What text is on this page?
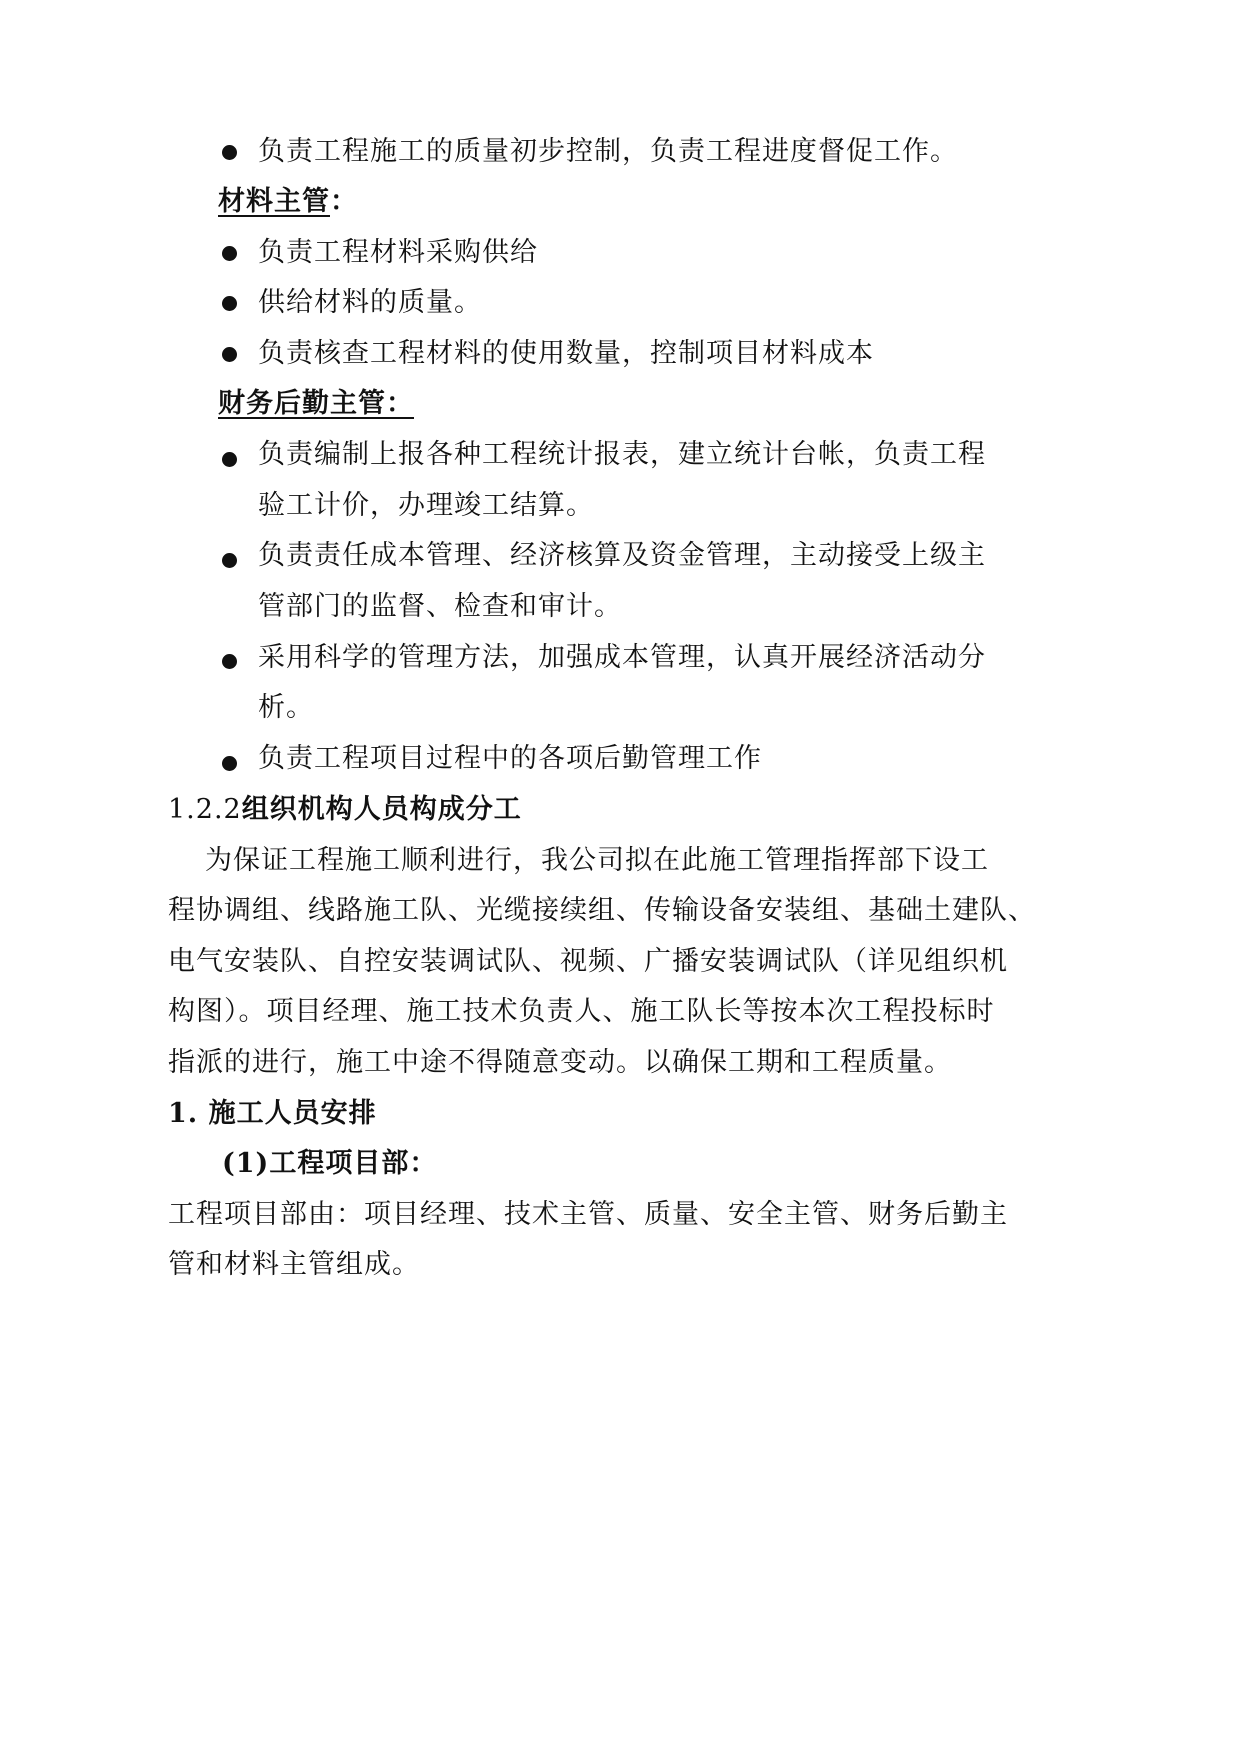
负责工程施工的质量初步控制，负责工程进度督促工作。
材料主管：
负责工程材料采购供给
供给材料的质量。
负责核查工程材料的使用数量，控制项目材料成本
财务后勤主管：
负责编制上报各种工程统计报表，建立统计台帐，负责工程
验工计价，办理竣工结算。
负责责任成本管理、经济核算及资金管理，主动接受上级主
管部门的监督、检查和审计。
采用科学的管理方法，加强成本管理，认真开展经济活动分
析。
负责工程项目过程中的各项后勤管理工作
1.2.2组织机构人员构成分工
为保证工程施工顺利进行，我公司拟在此施工管理指挥部下设工
程协调组、线路施工队、光缆接续组、传输设备安装组、基础土建队、
电气安装队、自控安装调试队、视频、广播安装调试队（详见组织机
构图）。项目经理、施工技术负责人、施工队长等按本次工程投标时
指派的进行，施工中途不得随意变动。以确保工期和工程质量。
1. 施工人员安排
(1)工程项目部：
工程项目部由：项目经理、技术主管、质量、安全主管、财务后勤主
管和材料主管组成。
